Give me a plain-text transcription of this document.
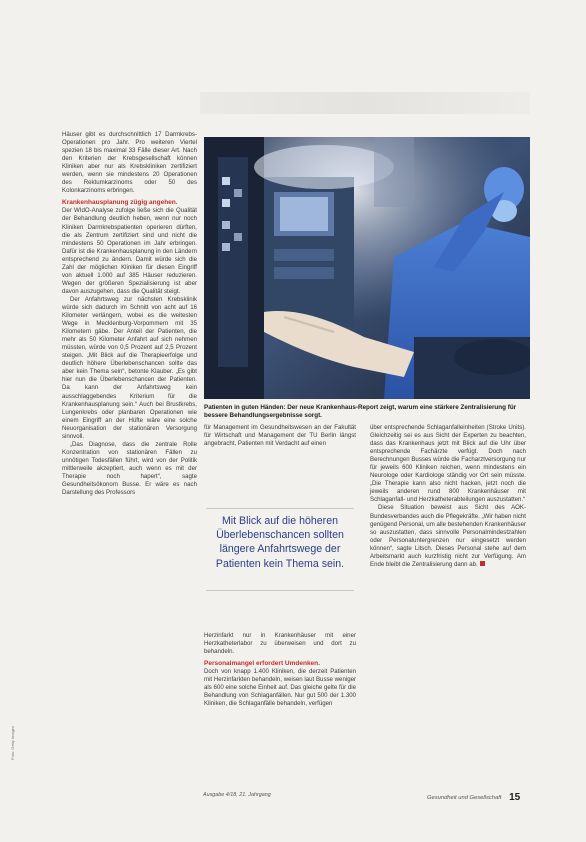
Häuser gibt es durchschnittlich 17 Darmkrebs-Operationen pro Jahr. Pro weiteren Viertel spezien 18 bis maximal 33 Fälle dieser Art. Nach den Kriterien der Krebsgesellschaft können Kliniken aber nur als Krebskliniken zertifiziert werden, wenn sie mindestens 20 Operationen des Rektumkarzinoms oder 50 des Kolonkarzinoms erbringen.

Krankenhausplanung zügig angehen.

Der WIdO-Analyse zufolge ließe sich die Qualität der Behandlung deutlich heben, wenn nur noch Kliniken Darmkrebspatienten operieren dürften, die als Zentrum zertifiziert sind und nicht die mindestens 50 Operationen im Jahr erbringen. Dafür ist die Krankenhausplanung in den Ländern entsprechend zu ändern. Damit würde sich die Zahl der möglichen Kliniken für diesen Eingriff von aktuell 1.000 auf 385 Häuser reduzieren. Wegen der größeren Spezialisierung ist aber davon auszugehen, dass die Qualität steigt.

Der Anfahrtsweg zur nächsten Krebsklinik würde sich dadurch im Schnitt von acht auf 16 Kilometer verlängern, wobei es die weitesten Wege in Mecklenburg-Vorpommern mit 35 Kilometern gäbe. Der Anteil der Patienten, die mehr als 50 Kilometer Anfahrt auf sich nehmen müssten, würde von 0,5 Prozent auf 2,5 Prozent steigen. „Mit Blick auf die Therapieerfolge und deutlich höhere Überlebenschancen sollte das aber kein Thema sein“, betonte Klauber. „Es gibt hier nun die Überlebenschancen der Patienten. Da kann der Anfahrtsweg kein ausschlaggebendes Kriterium für die Krankenhausplanung sein.“ Auch bei Brustkrebs, Lungenkrebs oder planbaren Operationen wie einem Eingriff an der Hüfte wäre eine solche Neuorganisation der stationären Versorgung sinnvoll.

„Das Diagnose, dass die zentrale Rolle Konzentration von stationären Fällen zu unnötigen Todesfällen führt, wird von der Politik mittlerweile akzeptiert, auch wenn es mit der Therapie noch hapert“, sagte Gesundheitsökonom Busse. Er wäre es nach Darstellung des Professors

Patienten in guten Händen: Der neue Krankenhaus-Report zeigt, warum eine stärkere Zentralisierung für bessere Behandlungsergebnisse sorgt.

für Management im Gesundheitswesen an der Fakultät für Wirtschaft und Management der TU Berlin längst angebracht, Patienten mit Verdacht auf einen

Mit Blick auf die höheren Überlebenschancen sollten längere Anfahrtswege der Patienten kein Thema sein.

Herzinfarkt nur in Krankenhäuser mit einer Herzkatheterlabor zu überweisen und dort zu behandeln.

Personalmangel erfordert Umdenken.

Doch von knapp 1.400 Kliniken, die derzeit Patienten mit Herzinfarkten behandeln, weisen laut Busse weniger als 600 eine solche Einheit auf. Das gleiche gelte für die Behandlung von Schlaganfällen. Nur gut 500 der 1.300 Kliniken, die Schlaganfälle behandeln, verfügen

über entsprechende Schlaganfalleinheiten (Stroke Units). Gleichzeitig sei es aus Sicht der Experten zu beachten, dass das Krankenhaus jetzt mit Blick auf die Uhr über entsprechende Fachärzte verfügt. Doch nach Berechnungen Busses würde die Facharztversorgung nur für jeweils 600 Kliniken reichen, wenn mindestens ein Neurologe oder Kardiologe ständig vor Ort sein müsste. „Die Therapie kann also nicht hacken, jetzt noch die jeweils anderen rund 800 Krankenhäuser mit Schlaganfall- und Herzkatheterabteilungen auszustatten.“

Diese Situation beweist aus Sicht des AOK-Bundesverbandes auch die Pflegekräfte. „Wir haben nicht genügend Personal, um alle bestehenden Krankenhäuser so auszustatten, dass sinnvolle Personalmindestzahlen oder Personaluntergrenzen nur eingesetzt werden können“, sagte Litsch. Dieses Personal stehe auf dem Arbeitsmarkt auch kurzfristig nicht zur Verfügung. Am Ende bleibt die Zentralisierung dann ab.

Ausgabe 4/18, 21. Jahrgang	Gesundheit und Gesellschaft 15
Foto: Getty Images
